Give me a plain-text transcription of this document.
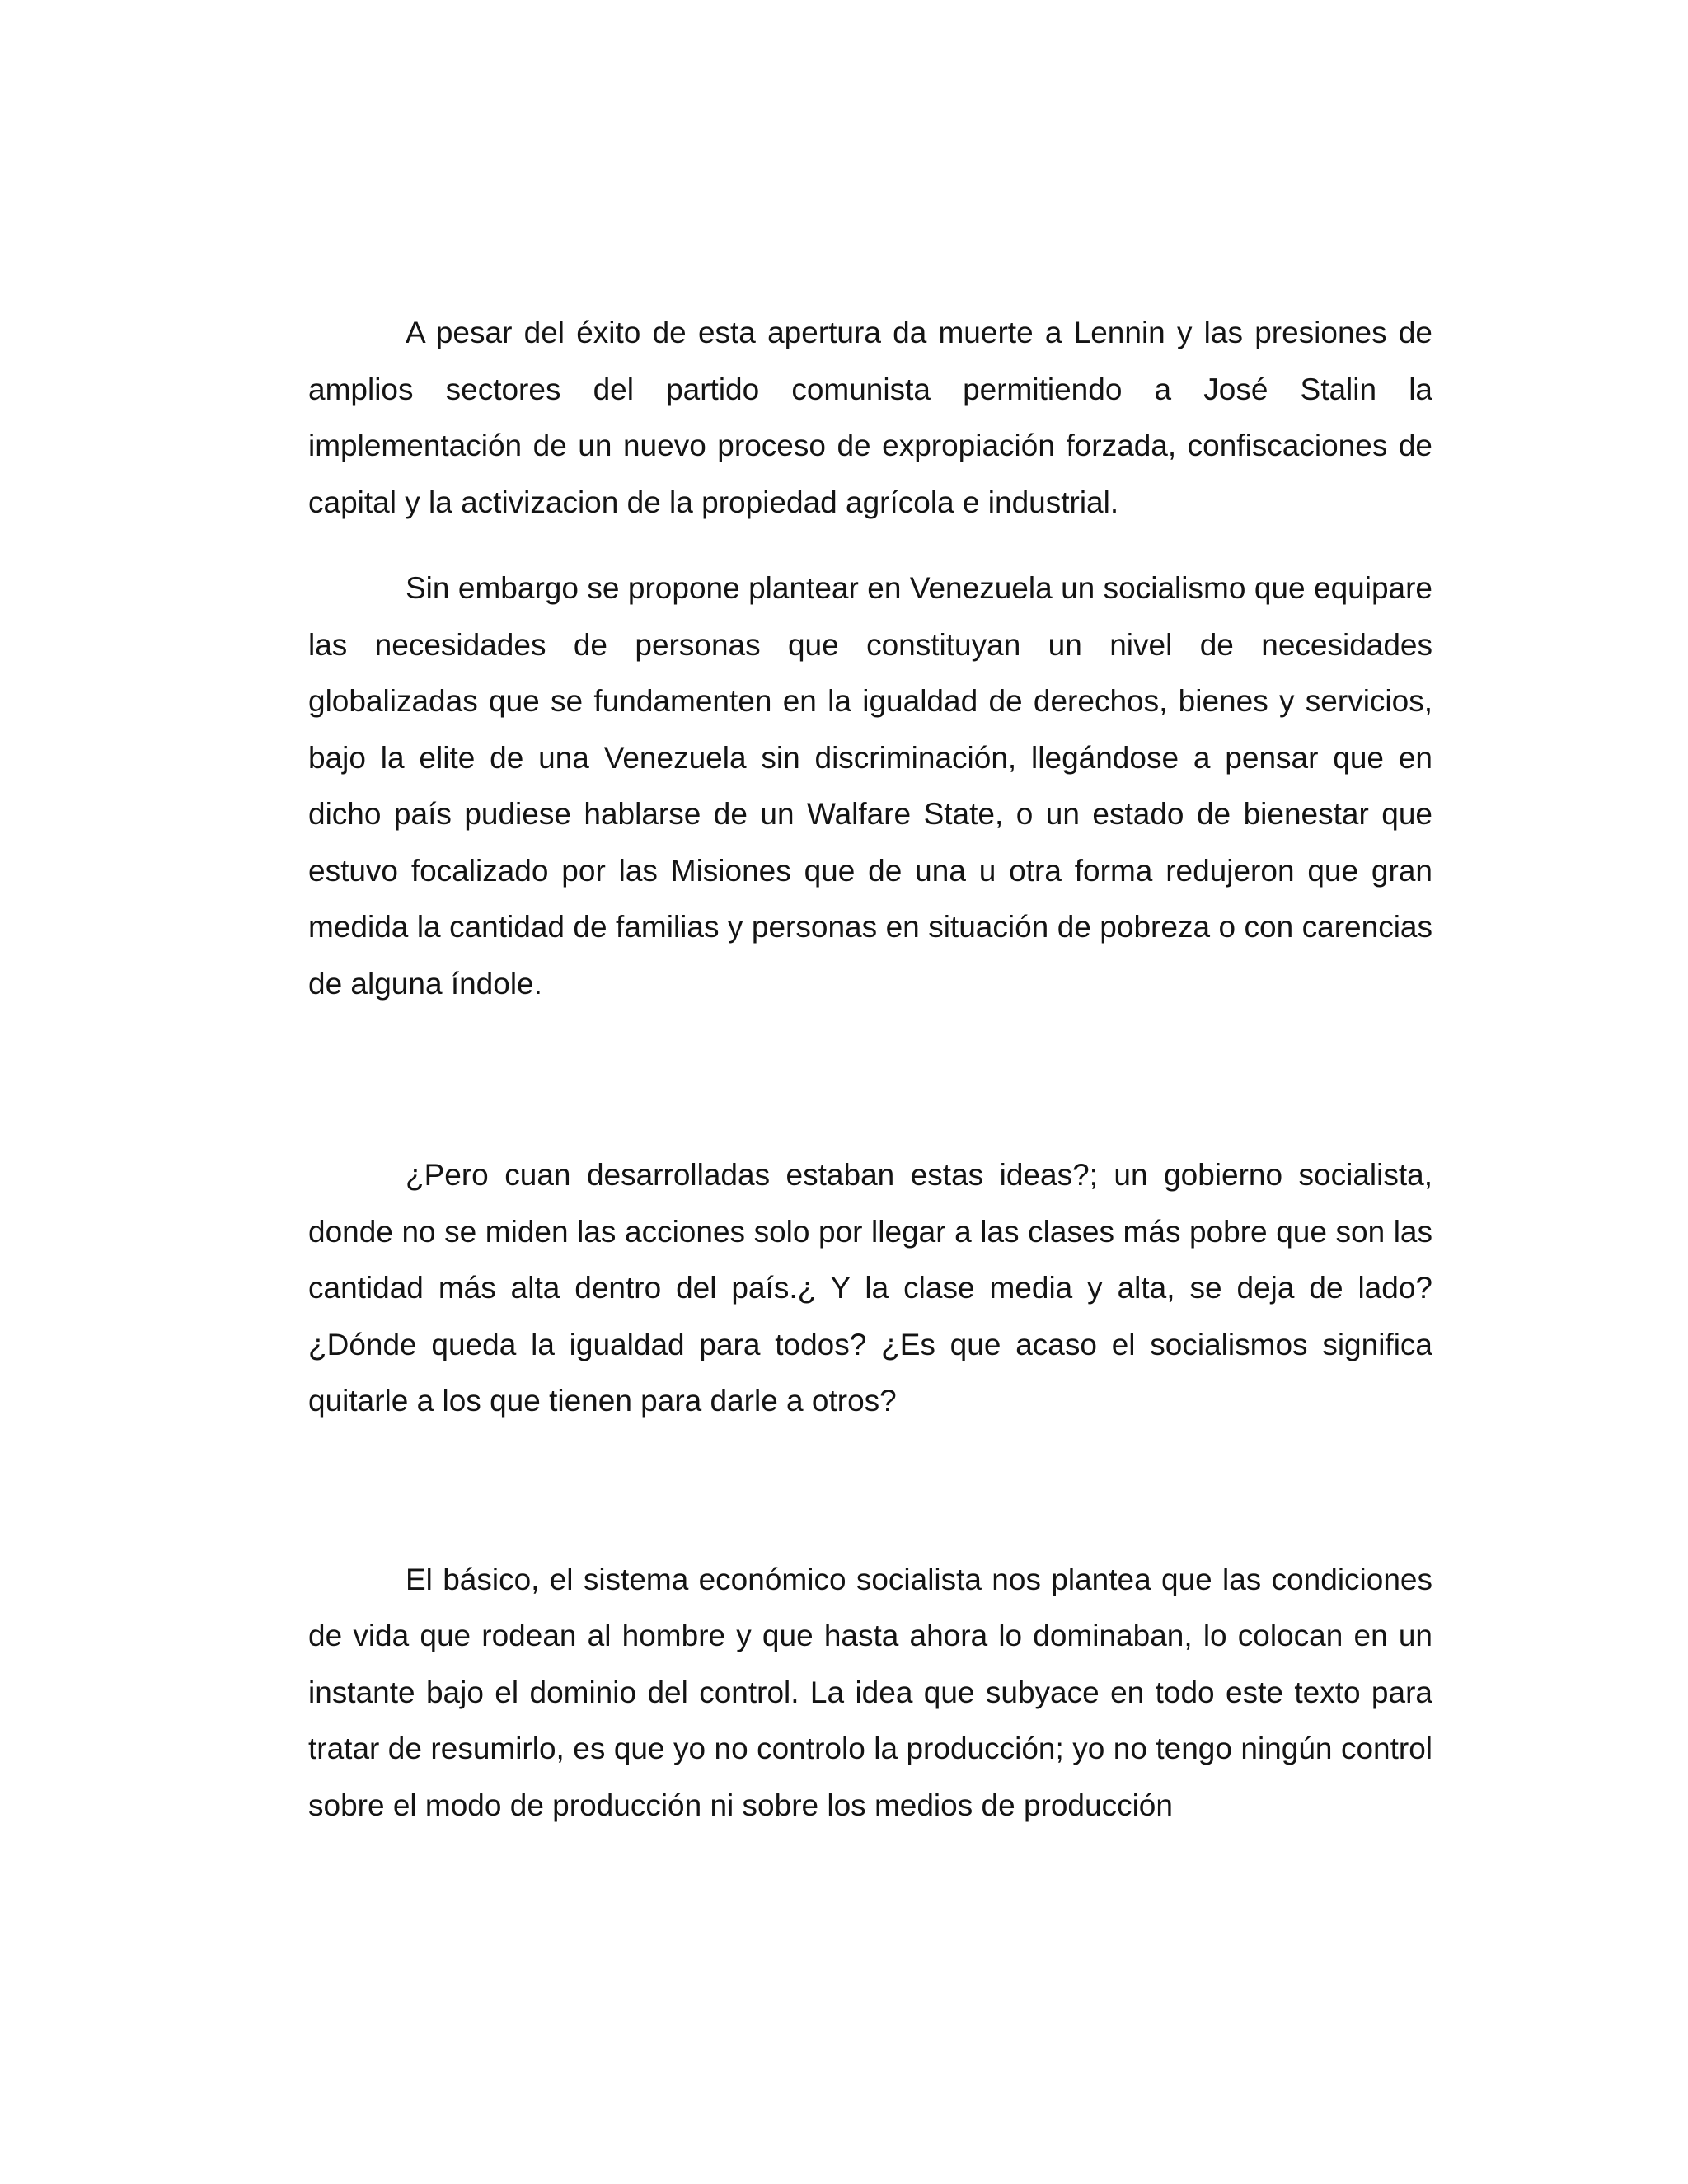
A pesar del éxito de esta apertura da muerte a Lennin y las presiones de amplios sectores del partido comunista permitiendo a José Stalin la implementación de un nuevo proceso de expropiación forzada, confiscaciones de capital y la activizacion de la propiedad agrícola e industrial.

Sin embargo se propone plantear en Venezuela un socialismo que equipare las necesidades de personas que constituyan un nivel de necesidades globalizadas que se fundamenten en la igualdad de derechos, bienes y servicios, bajo la elite de una Venezuela sin discriminación, llegándose a pensar que en dicho país pudiese hablarse de un Walfare State, o un estado de bienestar que estuvo focalizado por las Misiones que de una u otra forma redujeron que gran medida la cantidad de familias y personas en situación de pobreza o con carencias de alguna índole.

¿Pero cuan desarrolladas estaban estas ideas?; un gobierno socialista, donde no se miden las acciones solo por llegar a las clases más pobre que son las cantidad más alta dentro del país.¿ Y la clase media y alta, se deja de lado? ¿Dónde queda la igualdad para todos? ¿Es que acaso el socialismos significa quitarle a los que tienen para darle a otros?

El básico, el sistema económico socialista nos plantea que las condiciones de vida que rodean al hombre y que hasta ahora lo dominaban, lo colocan en un instante bajo el dominio del control. La idea que subyace en todo este texto para tratar de resumirlo, es que yo no controlo la producción; yo no tengo ningún control sobre el modo de producción ni sobre los medios de producción
